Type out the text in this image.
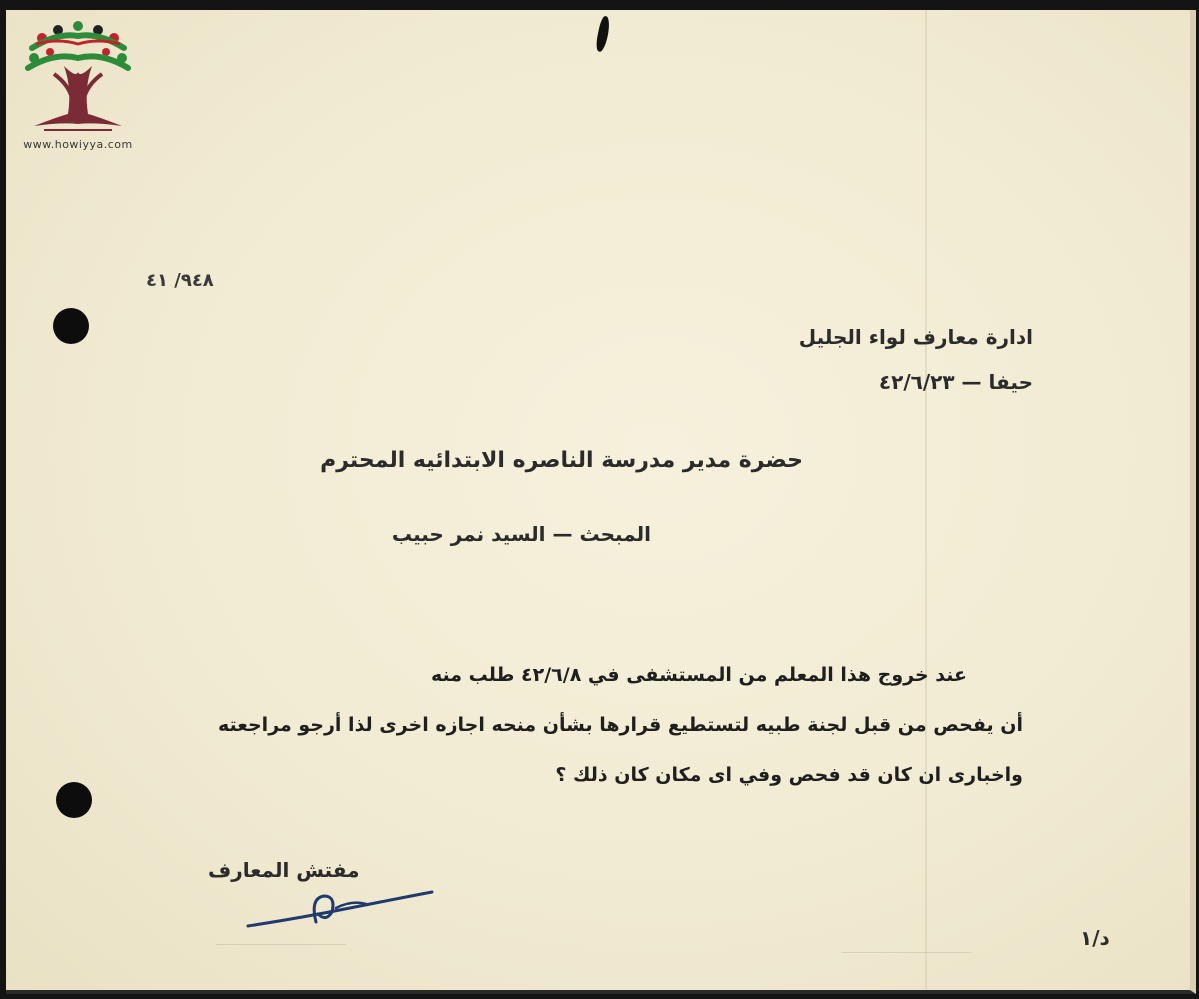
www.howiyya.com
٩٤٨/ ٤١
ادارة معارف لواء الجليل
حيفا — ٤٢/٦/٢٣
حضرة مدير مدرسة الناصره الابتدائيه المحترم
المبحث — السيد نمر حبيب
عند خروج هذا المعلم من المستشفى في ٤٢/٦/٨ طلب منه
أن يفحص من قبل لجنة طبيه لتستطيع قرارها بشأن منحه اجازه اخرى لذا أرجو مراجعته
واخبارى ان كان قد فحص وفي اى مكان كان ذلك ؟
مفتش المعارف
د/١
